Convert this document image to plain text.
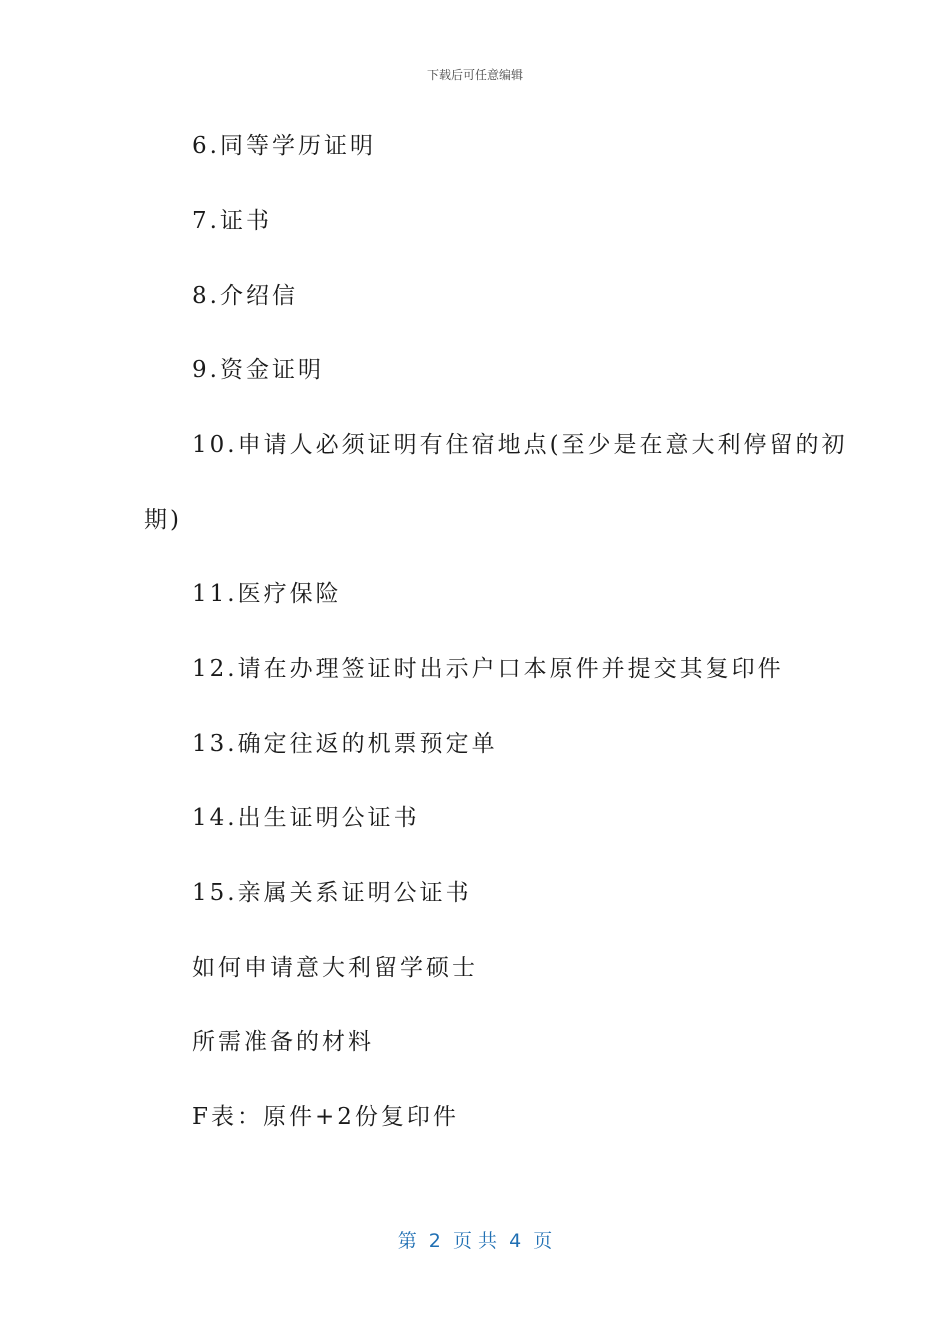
下载后可任意编辑
6.同等学历证明
7.证书
8.介绍信
9.资金证明
10.申请人必须证明有住宿地点(至少是在意大利停留的初
期)
11.医疗保险
12.请在办理签证时出示户口本原件并提交其复印件
13.确定往返的机票预定单
14.出生证明公证书
15.亲属关系证明公证书
如何申请意大利留学硕士
所需准备的材料
F表：原件+2份复印件
第  2  页 共  4  页
